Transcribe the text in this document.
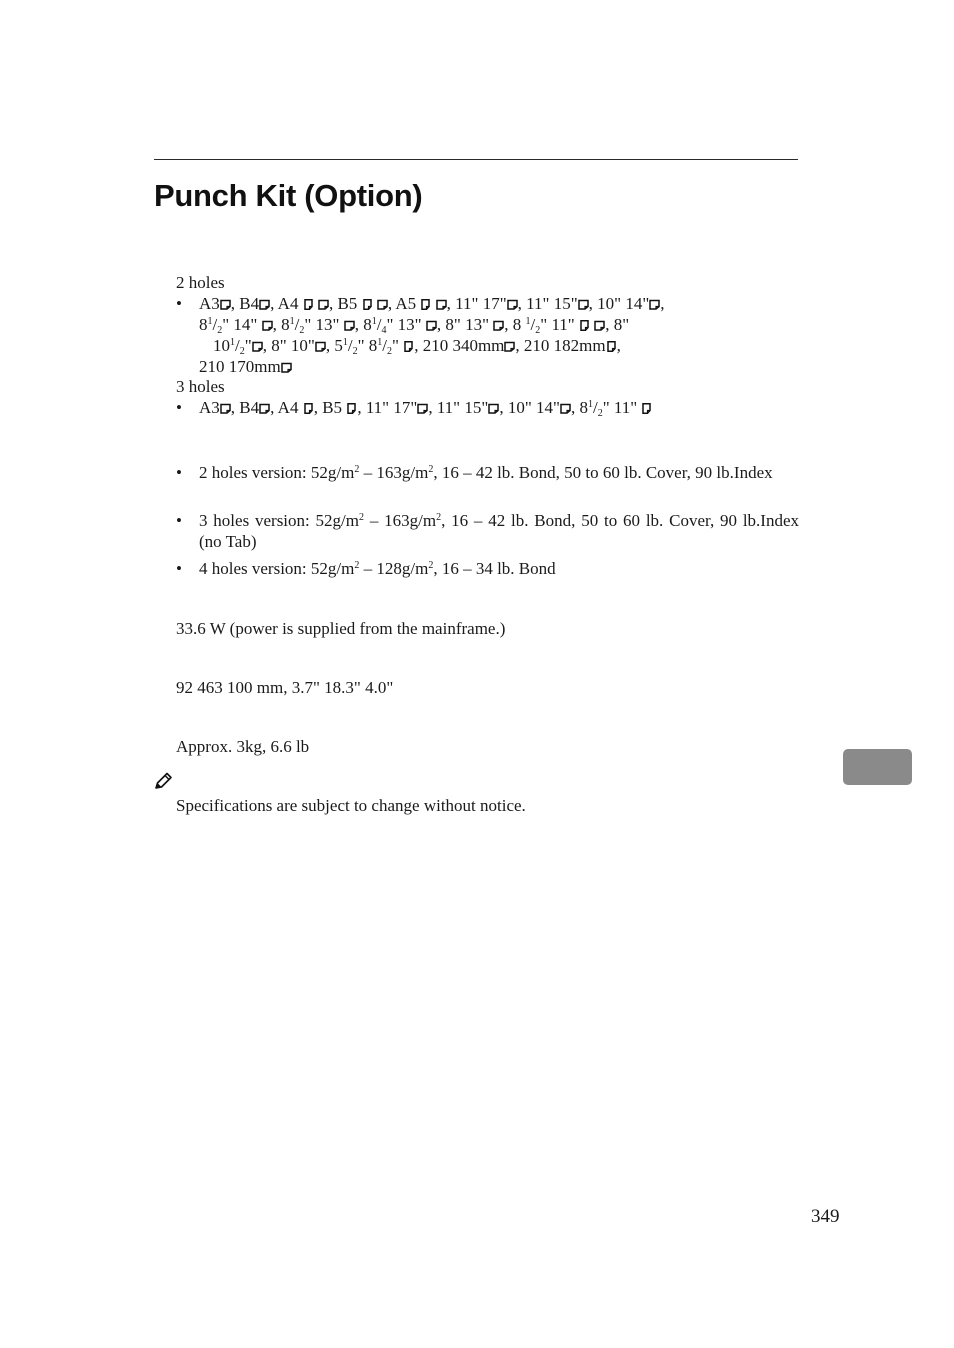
Punch Kit (Option)
2 holes
• A3 , B4 , A4

, B5

, A5

, 11" 17" , 11" 15" , 10" 14" ,
$8^1/_2$" 14"
, $8^1/_2$" 13"
, $8^1/_4$" 13"
, 8" 13"
, 8 $^1/_2$" 11"

, 8"
$10^1/_2$" , 8" 10" , $5^1/_2$" $8^1/_2$"
, 210 340mm , 210 182mm ,
210 170mm
3 holes
• A3 , B4 , A4
, B5
, 11" 17" , 11" 15" , 10" 14" , $8^1/_2$" 11"
• 2 holes version: $52g/m^2 - 163g/m^2$, 16 – 42 lb. Bond, 50 to 60 lb. Cover, 90 lb.Index
• 3 holes version: $52g/m^2 - 163g/m^2$, 16 – 42 lb. Bond, 50 to 60 lb. Cover, 90 lb.Index (no Tab)
• 4 holes version: $52g/m^2 - 128g/m^2$, 16 – 34 lb. Bond
33.6 W (power is supplied from the mainframe.)
92 463 100 mm, 3.7" 18.3" 4.0"
Approx. 3kg, 6.6 lb
Specifications are subject to change without notice.
349
